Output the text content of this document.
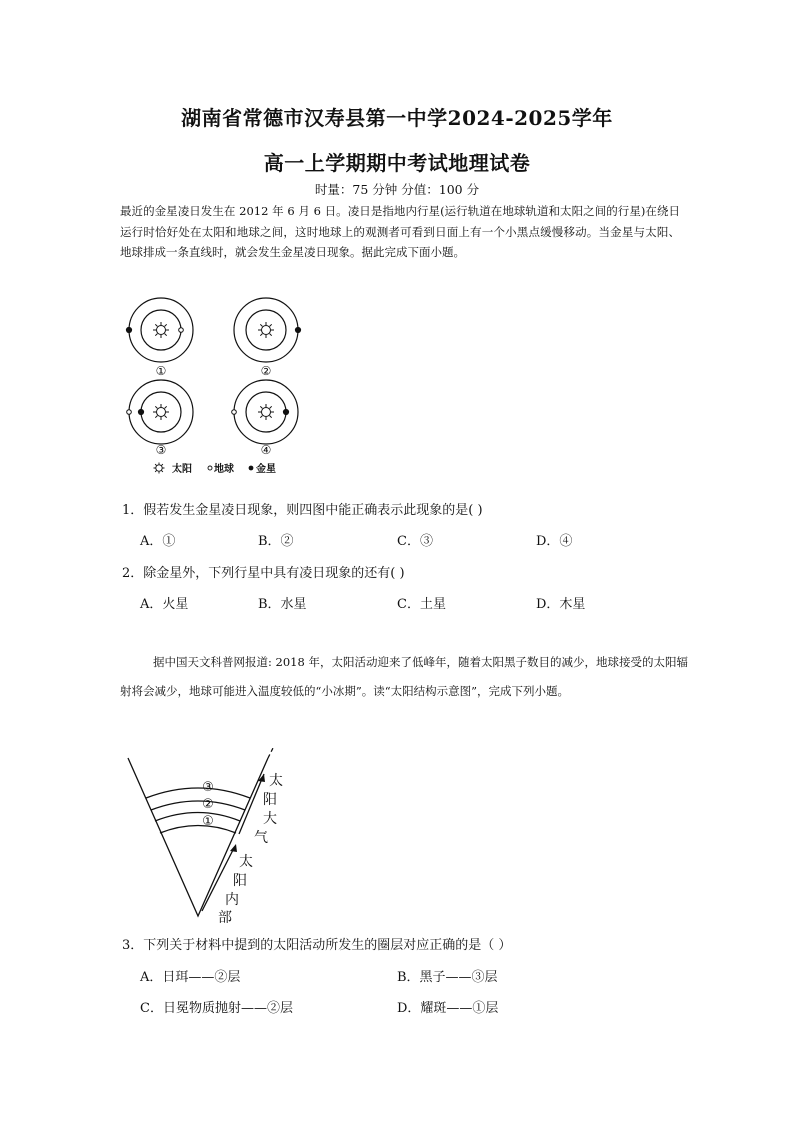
湖南省常德市汉寿县第一中学2024-2025学年
高一上学期期中考试地理试卷
时量：75 分钟 分值：100 分
最近的金星凌日发生在 2012 年 6 月 6 日。凌日是指地内行星(运行轨道在地球轨道和太阳之间的行星)在绕日运行时恰好处在太阳和地球之间，这时地球上的观测者可看到日面上有一个小黑点缓慢移动。当金星与太阳、地球排成一条直线时，就会发生金星凌日现象。据此完成下面小题。
①	②
③	④
太阳 地球 金星
1．假若发生金星凌日现象，则四图中能正确表示此现象的是( )
A．①	B．②	C．③	D．④
2．除金星外，下列行星中具有凌日现象的还有( )
A．火星	B．水星	C．土星	D．木星
据中国天文科普网报道: 2018 年，太阳活动迎来了低峰年，随着太阳黑子数目的减少，地球接受的太阳辐射将会减少，地球可能进入温度较低的“小冰期”。读“太阳结构示意图”，完成下列小题。
③
②
①
太
阳
大
气
太
阳
内
部
3．下列关于材料中提到的太阳活动所发生的圈层对应正确的是（ ）
A．日珥——②层	B．黑子——③层
C．日冕物质抛射——②层	D．耀斑——①层
